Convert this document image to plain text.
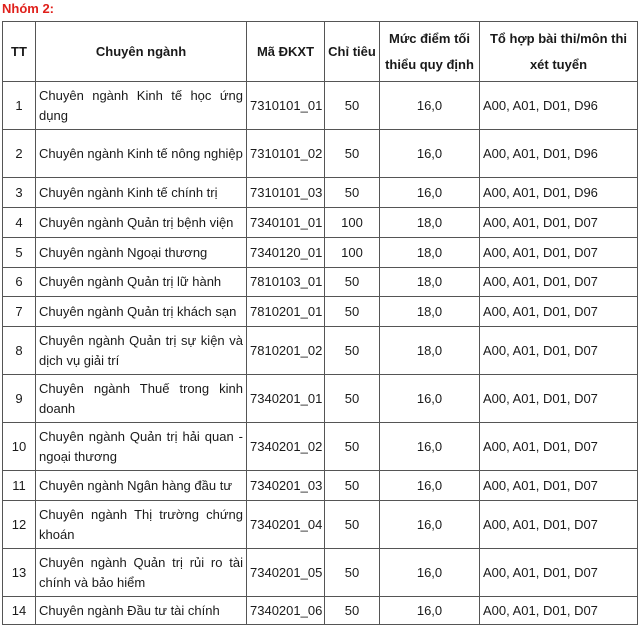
Nhóm 2:
TT	Chuyên ngành	Mã ĐKXT	Chỉ tiêu	Mức điểm tối thiểu quy định	Tổ hợp bài thi/môn thi xét tuyển
1	Chuyên ngành Kinh tế học ứng dụng	7310101_01	50	16,0	A00, A01, D01, D96
2	Chuyên ngành Kinh tế nông nghiệp	7310101_02	50	16,0	A00, A01, D01, D96
3	Chuyên ngành Kinh tế chính trị	7310101_03	50	16,0	A00, A01, D01, D96
4	Chuyên ngành Quản trị bệnh viện	7340101_01	100	18,0	A00, A01, D01, D07
5	Chuyên ngành Ngoại thương	7340120_01	100	18,0	A00, A01, D01, D07
6	Chuyên ngành Quản trị lữ hành	7810103_01	50	18,0	A00, A01, D01, D07
7	Chuyên ngành Quản trị khách sạn	7810201_01	50	18,0	A00, A01, D01, D07
8	Chuyên ngành Quản trị sự kiện và dịch vụ giải trí	7810201_02	50	18,0	A00, A01, D01, D07
9	Chuyên ngành Thuế trong kinh doanh	7340201_01	50	16,0	A00, A01, D01, D07
10	Chuyên ngành Quản trị hải quan - ngoại thương	7340201_02	50	16,0	A00, A01, D01, D07
11	Chuyên ngành Ngân hàng đầu tư	7340201_03	50	16,0	A00, A01, D01, D07
12	Chuyên ngành Thị trường chứng khoán	7340201_04	50	16,0	A00, A01, D01, D07
13	Chuyên ngành Quản trị rủi ro tài chính và bảo hiểm	7340201_05	50	16,0	A00, A01, D01, D07
14	Chuyên ngành Đầu tư tài chính	7340201_06	50	16,0	A00, A01, D01, D07
